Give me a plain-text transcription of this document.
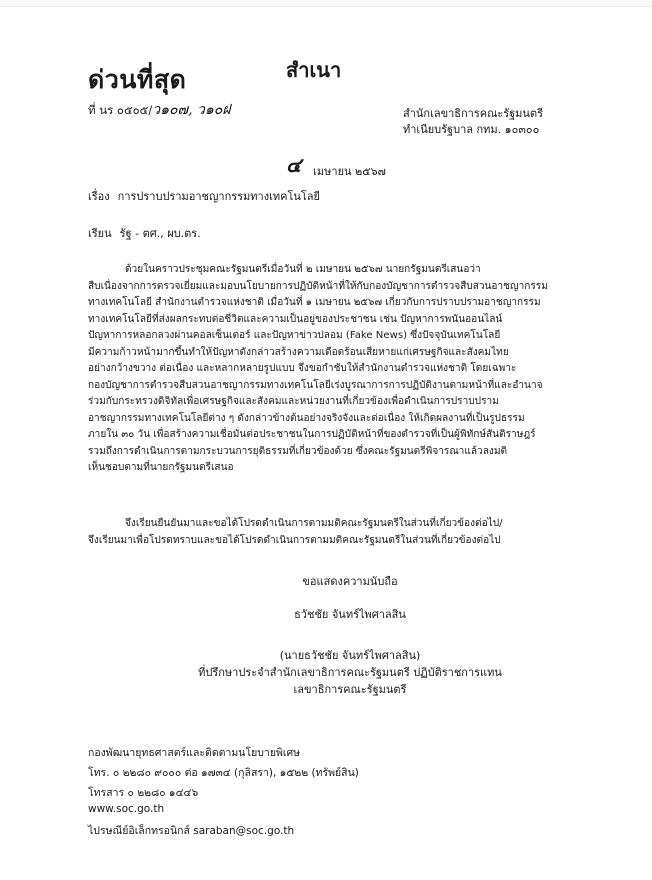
ด่วนที่สุด	สำเนา
ที่ นร ๐๕๐๕/ว๑๐๗, ว๑๐ฝ	สำนักเลขาธิการคณะรัฐมนตรี
ทำเนียบรัฐบาล กทม. ๑๐๓๐๐
๔ เมษายน ๒๕๖๗
เรื่อง การปราบปรามอาชญากรรมทางเทคโนโลยี
เรียน รัฐ - ตศ., ผบ.ตร.
ด้วยในคราวประชุมคณะรัฐมนตรีเมื่อวันที่ ๒ เมษายน ๒๕๖๗ นายกรัฐมนตรีเสนอว่า
สืบเนื่องจากการตรวจเยี่ยมและมอบนโยบายการปฏิบัติหน้าที่ให้กับกองบัญชาการตำรวจสืบสวนอาชญากรรม
ทางเทคโนโลยี สำนักงานตำรวจแห่งชาติ เมื่อวันที่ ๑ เมษายน ๒๕๖๗ เกี่ยวกับการปราบปรามอาชญากรรม
ทางเทคโนโลยีที่ส่งผลกระทบต่อชีวิตและความเป็นอยู่ของประชาชน เช่น ปัญหาการพนันออนไลน์
ปัญหาการหลอกลวงผ่านคอลเซ็นเตอร์ และปัญหาข่าวปลอม (Fake News) ซึ่งปัจจุบันเทคโนโลยี
มีความก้าวหน้ามากขึ้นทำให้ปัญหาดังกล่าวสร้างความเดือดร้อนเสียหายแก่เศรษฐกิจและสังคมไทย
อย่างกว้างขวาง ต่อเนื่อง และหลากหลายรูปแบบ จึงขอกำชับให้สำนักงานตำรวจแห่งชาติ โดยเฉพาะ
กองบัญชาการตำรวจสืบสวนอาชญากรรมทางเทคโนโลยีเร่งบูรณาการการปฏิบัติงานตามหน้าที่และอำนาจ
ร่วมกับกระทรวงดิจิทัลเพื่อเศรษฐกิจและสังคมและหน่วยงานที่เกี่ยวข้องเพื่อดำเนินการปราบปราม
อาชญากรรมทางเทคโนโลยีต่าง ๆ ดังกล่าวข้างต้นอย่างจริงจังและต่อเนื่อง ให้เกิดผลงานที่เป็นรูปธรรม
ภายใน ๓๐ วัน เพื่อสร้างความเชื่อมั่นต่อประชาชนในการปฏิบัติหน้าที่ของตำรวจที่เป็นผู้พิทักษ์สันติราษฎร์
รวมถึงการดำเนินการตามกระบวนการยุติธรรมที่เกี่ยวข้องด้วย ซึ่งคณะรัฐมนตรีพิจารณาแล้วลงมติ
เห็นชอบตามที่นายกรัฐมนตรีเสนอ
จึงเรียนยืนยันมาและขอได้โปรดดำเนินการตามมติคณะรัฐมนตรีในส่วนที่เกี่ยวข้องต่อไป/
จึงเรียนมาเพื่อโปรดทราบและขอได้โปรดดำเนินการตามมติคณะรัฐมนตรีในส่วนที่เกี่ยวข้องต่อไป
ขอแสดงความนับถือ
ธวัชชัย จันทร์ไพศาลสิน
(นายธวัชชัย จันทร์ไพศาลสิน)
ที่ปรึกษาประจำสำนักเลขาธิการคณะรัฐมนตรี ปฏิบัติราชการแทน
เลขาธิการคณะรัฐมนตรี
กองพัฒนายุทธศาสตร์และติดตามนโยบายพิเศษ
โทร. ๐ ๒๒๘๐ ๙๐๐๐ ต่อ ๑๗๓๔ (กุลิสรา), ๑๕๒๒ (ทรัพย์สิน)
โทรสาร ๐ ๒๒๘๐ ๑๔๔๖
www.soc.go.th
ไปรษณีย์อิเล็กทรอนิกส์ saraban@soc.go.th
